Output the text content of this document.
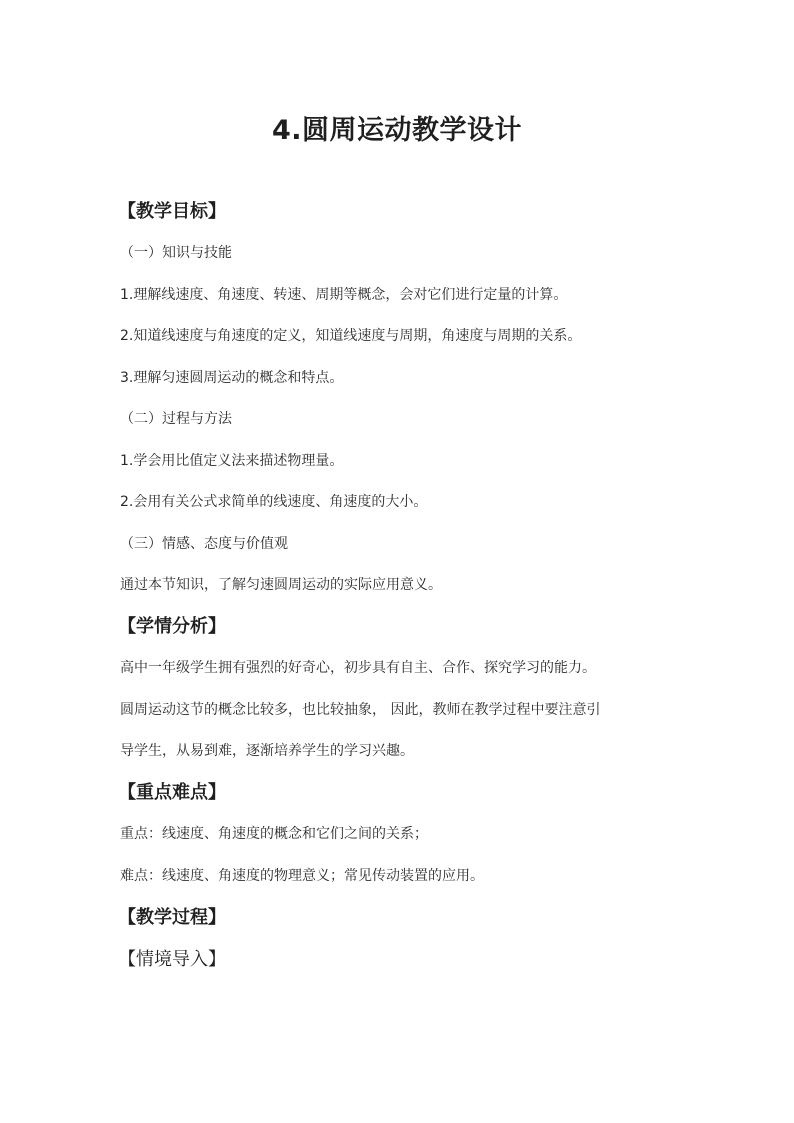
4.圆周运动教学设计
【教学目标】
（一）知识与技能
1.理解线速度、角速度、转速、周期等概念，会对它们进行定量的计算。
2.知道线速度与角速度的定义，知道线速度与周期，角速度与周期的关系。
3.理解匀速圆周运动的概念和特点。
（二）过程与方法
1.学会用比值定义法来描述物理量。
2.会用有关公式求简单的线速度、角速度的大小。
（三）情感、态度与价值观
通过本节知识，了解匀速圆周运动的实际应用意义。
【学情分析】
高中一年级学生拥有强烈的好奇心，初步具有自主、合作、探究学习的能力。
圆周运动这节的概念比较多，也比较抽象， 因此，教师在教学过程中要注意引
导学生，从易到难，逐渐培养学生的学习兴趣。
【重点难点】
重点：线速度、角速度的概念和它们之间的关系；
难点：线速度、角速度的物理意义；常见传动装置的应用。
【教学过程】
【情境导入】
